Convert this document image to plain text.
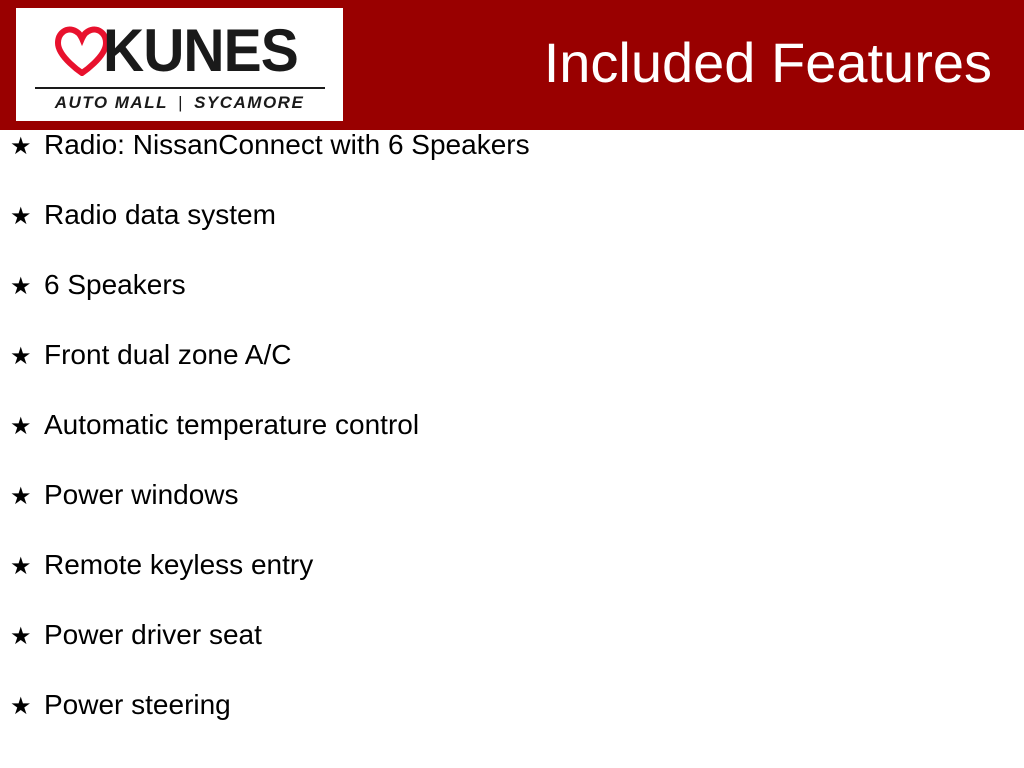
KUNES
AUTO MALL | SYCAMORE
Included Features
★ Radio: NissanConnect with 6 Speakers
★ Radio data system
★ 6 Speakers
★ Front dual zone A/C
★ Automatic temperature control
★ Power windows
★ Remote keyless entry
★ Power driver seat
★ Power steering
